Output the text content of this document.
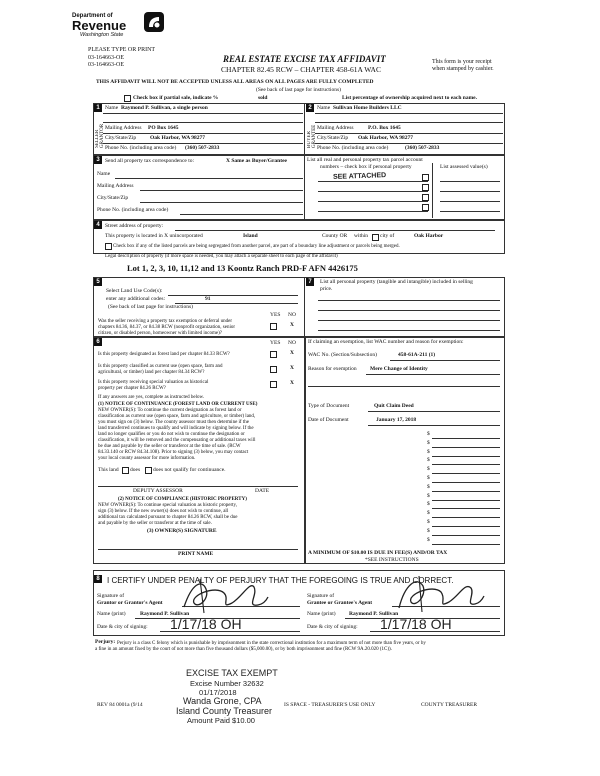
Department of
Revenue
Washington State
PLEASE TYPE OR PRINT
03-164663-OE
03-164663-OE
REAL ESTATE EXCISE TAX AFFIDAVIT
CHAPTER 82.45 RCW – CHAPTER 458-61A WAC
This form is your receipt
when stamped by cashier.
THIS AFFIDAVIT WILL NOT BE ACCEPTED UNLESS ALL AREAS ON ALL PAGES ARE FULLY COMPLETED
(See back of last page for instructions)
Check box if partial sale, indicate %	sold	List percentage of ownership acquired next to each name.
1 Name Raymond P. Sullivan, a single person
SELLER GRANTOR Mailing Address PO Box 1645
City/State/Zip	Oak Harbor, WA 98277
Phone No. (including area code) (360) 507-2833
2 Name Sullivan Home Builders LLC
BUYER GRANTEE Mailing Address	P.O. Box 1645
City/State/Zip Oak Harbor, WA 98277
Phone No. (including area code)	(360) 507-2833
3 Send all property tax correspondence to:	X Same as Buyer/Grantee
Name
Mailing Address
City/State/Zip
Phone No. (including area code)
List all real and personal property tax parcel account
numbers – check box if personal property	List assessed value(s)
SEE ATTACHED
4 Street address of property:
This property is located in X unincorporated	Island	County OR within city of	Oak Harbor
Check box if any of the listed parcels are being segregated from another parcel, are part of a boundary line adjustment or parcels being merged.
Legal description of property (if more space is needed, you may attach a separate sheet to each page of the affidavit)
Lot 1, 2, 3, 10, 11,12 and 13 Koontz Ranch PRD-F AFN 4426175
5
Select Land Use Code(s):
enter any additional codes:	91
(See back of last page for instructions)
YES NO
Was the seller receiving a property tax exemption or deferral under
chapters 84.36, 84.37, or 84.38 RCW (nonprofit organization, senior
citizen, or disabled person, homeowner with limited income)?
X
7	List all personal property (tangible and intangible) included in selling
price.
6	YES NO
Is this property designated as forest land per chapter 84.33 RCW?	X
Is this property classified as current use (open space, farm and
agricultural, or timber) land per chapter 84.34 RCW?
X
Is this property receiving special valuation as historical
property per chapter 84.26 RCW?
X
If any answers are yes, complete as instructed below.
(1) NOTICE OF CONTINUANCE (FOREST LAND OR CURRENT USE)
NEW OWNER(S): To continue the current designation as forest land or
classification as current use (open space, farm and agriculture, or timber) land,
you must sign on (3) below. The county assessor must then determine if the
land transferred continues to qualify and will indicate by signing below. If the
land no longer qualifies or you do not wish to continue the designation or
classification, it will be removed and the compensating or additional taxes will
be due and payable by the seller or transferor at the time of sale. (RCW
84.33.140 or RCW 84.34.108). Prior to signing (3) below, you may contact
your local county assessor for more information.
This land does does not qualify for continuance.
DEPUTY ASSESSOR	DATE
(2) NOTICE OF COMPLIANCE (HISTORIC PROPERTY)
NEW OWNER(S): To continue special valuation as historic property,
sign (3) below. If the new owner(s) does not wish to continue, all
additional tax calculated pursuant to chapter 84.26 RCW, shall be due
and payable by the seller or transferor at the time of sale.
(3) OWNER(S) SIGNATURE
PRINT NAME
If claiming an exemption, list WAC number and reason for exemption:
WAC No. (Section/Subsection)	458-61A-211 (1)
Reason for exemption Mere Change of Identity
Type of Document	Quit Claim Deed
Date of Document	January 17, 2018
$
$
$
$
$
$
$
$
$
$
$
$
$
A MINIMUM OF $10.00 IS DUE IN FEE(S) AND/OR TAX
*SEE INSTRUCTIONS
8 I CERTIFY UNDER PENALTY OF PERJURY THAT THE FOREGOING IS TRUE AND CORRECT.
Signature of
Grantor or Grantor's Agent
Name (print)	Raymond P. Sullivan
Date & city of signing:
Signature of
Grantee or Grantee's Agent
Name (print) Raymond P. Sullivan
Date & city of signing:
1/17/18 OH	1/17/18 OH
Perjury: Perjury is a class C felony which is punishable by imprisonment in the state correctional institution for a maximum term of not more than five years, or by
a fine in an amount fixed by the court of not more than five thousand dollars ($5,000.00), or by both imprisonment and fine (RCW 9A.20.020 (1C)).
EXCISE TAX EXEMPT
Excise Number 32632
01/17/2018
Wanda Grone, CPA
Island County Treasurer
Amount Paid $10.00
REV 84 0001a (9/14	IS SPACE - TREASURER'S USE ONLY	COUNTY TREASURER
